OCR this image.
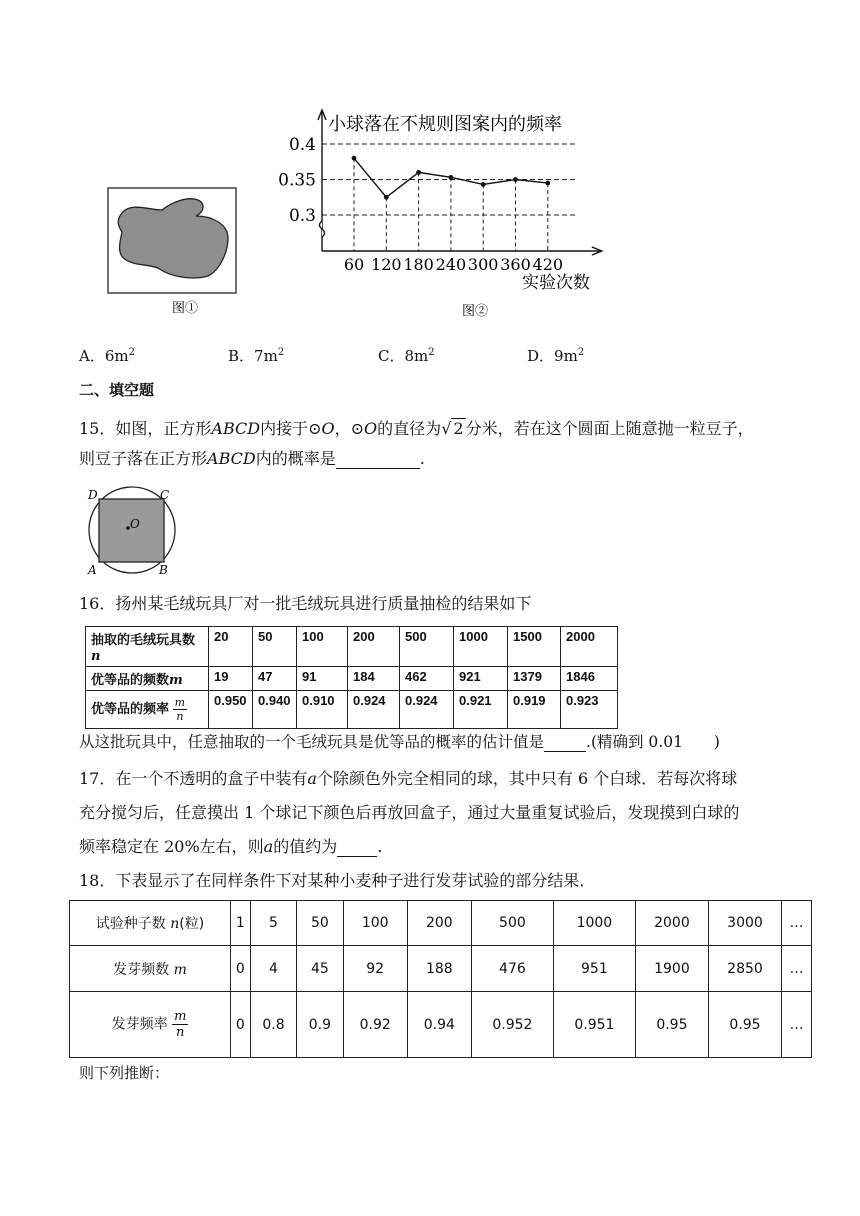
图①
小球落在不规则图案内的频率
实验次数
图②
0.4
0.35
0.3
60 120 180 240 300 360 420
A．$6m^2$	B．$7m^2$	C．$8m^2$	D．$9m^2$
二、填空题
15．如图，正方形ABCD内接于⊙O，⊙O的直径为√ 2 分米，若在这个圆面上随意抛一粒豆子，
则豆子落在正方形ABCD内的概率是	.
O
D	C
A	B
16．扬州某毛绒玩具厂对一批毛绒玩具进行质量抽检的结果如下
抽取的毛绒玩具数n	20	50	100	200	500	1000	1500	2000
优等品的频数m	19	47	91	184	462	921	1379	1846
优等品的频率 $\frac{m}{n}$	0.950	0.940	0.910	0.924	0.924	0.921	0.919	0.923
从这批玩具中，任意抽取的一个毛绒玩具是优等品的概率的估计值是	.(精确到 0.01　　)
17．在一个不透明的盒子中装有a个除颜色外完全相同的球，其中只有 6 个白球．若每次将球
充分搅匀后，任意摸出 1 个球记下颜色后再放回盒子，通过大量重复试验后，发现摸到白球的
频率稳定在 20%左右，则a的值约为	.
18．下表显示了在同样条件下对某种小麦种子进行发芽试验的部分结果．
试验种子数 n(粒)	1	5	50	100	200	500	1000	2000	3000	…
发芽频数 m	0	4	45	92	188	476	951	1900	2850	…
发芽频率 $\frac{m}{n}$	0	0.8	0.9	0.92	0.94	0.952	0.951	0.95	0.95	…
则下列推断：
